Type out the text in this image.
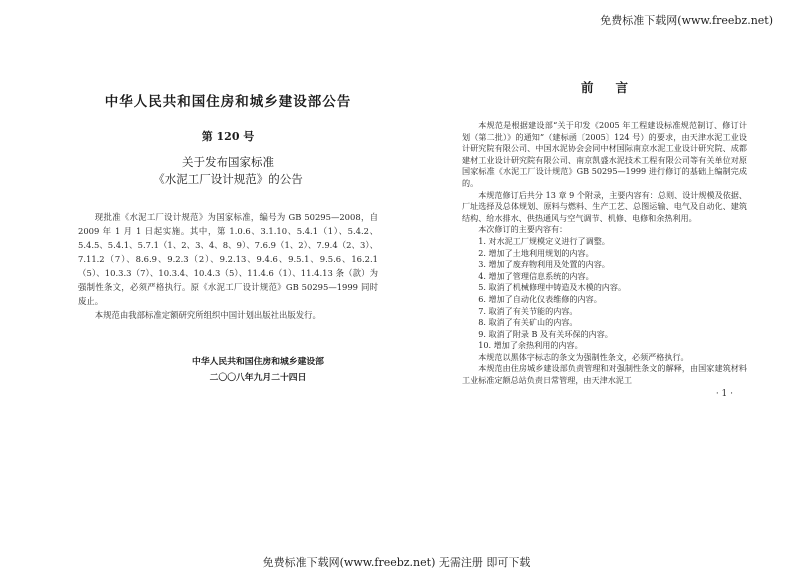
免费标准下载网(www.freebz.net)

中华人民共和国住房和城乡建设部公告

第 120 号
关于发布国家标准
《水泥工厂设计规范》的公告
现批准《水泥工厂设计规范》为国家标准，编号为 GB 50295—2008，自 2009 年 1 月 1 日起实施。其中，第 1.0.6、3.1.10、5.4.1（1）、5.4.2、5.4.5、5.4.1、5.7.1（1、2、3、4、8、9）、7.6.9（1、2）、7.9.4（2、3）、7.11.2（7）、8.6.9、9.2.3（2）、9.2.13、9.4.6、9.5.1、9.5.6、16.2.1（5）、10.3.3（7）、10.3.4、10.4.3（5）、11.4.6（1）、11.4.13 条（款）为强制性条文，必须严格执行。原《水泥工厂设计规范》GB 50295—1999 同时废止。
本规范由我部标准定额研究所组织中国计划出版社出版发行。
中华人民共和国住房和城乡建设部
二〇〇八年九月二十四日

前言

本规范是根据建设部“关于印发《2005 年工程建设标准规范制订、修订计划（第二批）》的通知”（建标函〔2005〕124 号）的要求，由天津水泥工业设计研究院有限公司、中国水泥协会会同中材国际南京水泥工业设计研究院、成都建材工业设计研究院有限公司、南京凯盛水泥技术工程有限公司等有关单位对原国家标准《水泥工厂设计规范》GB 50295—1999 进行修订的基础上编制完成的。

本规范修订后共分 13 章 9 个附录，主要内容有：总则、设计规模及依据、厂址选择及总体规划、原料与燃料、生产工艺、总图运输、电气及自动化、建筑结构、给水排水、供热通风与空气调节、机修、电修和余热利用。

本次修订的主要内容有：

1. 对水泥工厂规模定义进行了调整。
2. 增加了土地利用规划的内容。
3. 增加了废弃物利用及处置的内容。
4. 增加了管理信息系统的内容。
5. 取消了机械修理中铸造及木模的内容。
6. 增加了自动化仪表维修的内容。
7. 取消了有关节能的内容。
8. 取消了有关矿山的内容。
9. 取消了附录 B 及有关环保的内容。
10. 增加了余热利用的内容。

本规范以黑体字标志的条文为强制性条文，必须严格执行。

本规范由住房城乡建设部负责管理和对强制性条文的解释，由国家建筑材料工业标准定额总站负责日常管理，由天津水泥工

· 1 ·
免费标准下载网(www.freebz.net) 无需注册 即可下载
